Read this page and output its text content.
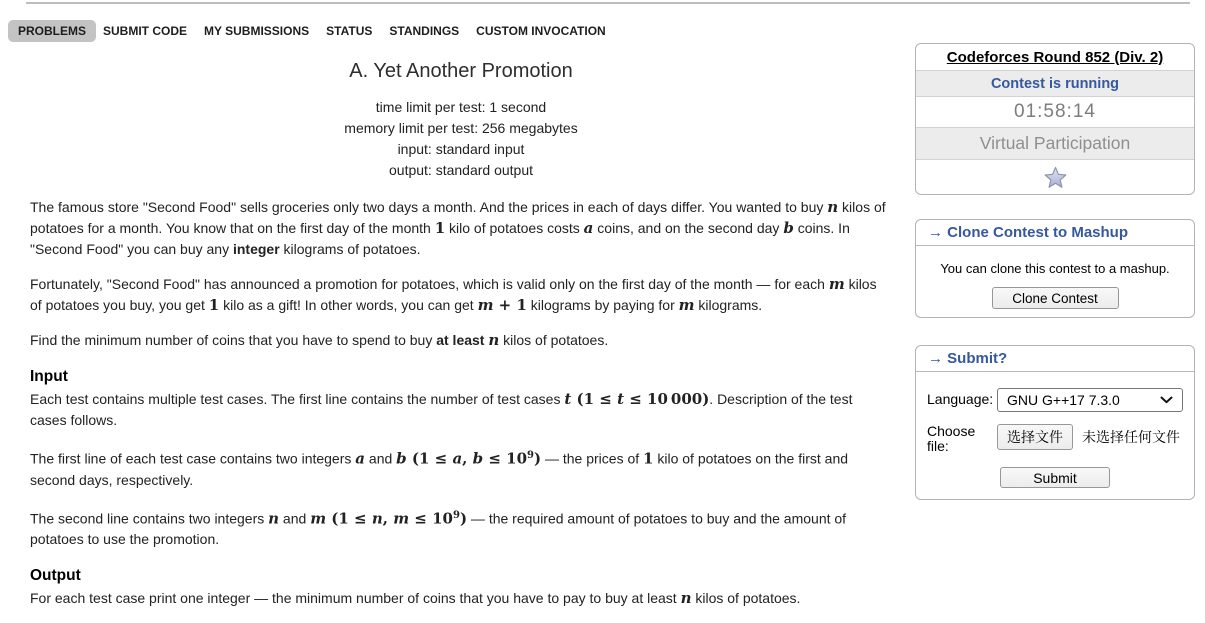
PROBLEMS	SUBMIT CODE	MY SUBMISSIONS	STATUS	STANDINGS	CUSTOM INVOCATION
A. Yet Another Promotion
time limit per test: 1 second
memory limit per test: 256 megabytes
input: standard input
output: standard output

The famous store "Second Food" sells groceries only two days a month. And the prices in each of days differ. You wanted to buy n kilos of potatoes for a month. You know that on the first day of the month 1 kilo of potatoes costs a coins, and on the second day b coins. In "Second Food" you can buy any integer kilograms of potatoes.

Fortunately, "Second Food" has announced a promotion for potatoes, which is valid only on the first day of the month — for each m kilos of potatoes you buy, you get 1 kilo as a gift! In other words, you can get m + 1 kilograms by paying for m kilograms.

Find the minimum number of coins that you have to spend to buy at least n kilos of potatoes.

Input

Each test contains multiple test cases. The first line contains the number of test cases t (1 ≤ t ≤ 10 000). Description of the test cases follows.

The first line of each test case contains two integers a and b (1 ≤ a, $b \le 10^9$) — the prices of 1 kilo of potatoes on the first and second days, respectively.

The second line contains two integers n and m (1 ≤ n, $m \le 10^9$) — the required amount of potatoes to buy and the amount of potatoes to use the promotion.

Output

For each test case print one integer — the minimum number of coins that you have to pay to buy at least n kilos of potatoes.

Codeforces Round 852 (Div. 2)
Contest is running
01:58:14
Virtual Participation
→ Clone Contest to Mashup
You can clone this contest to a mashup.
Clone Contest
→ Submit?
Language: GNU G++17 7.3.0
Choose file:
选择文件	未选择任何文件
Submit
